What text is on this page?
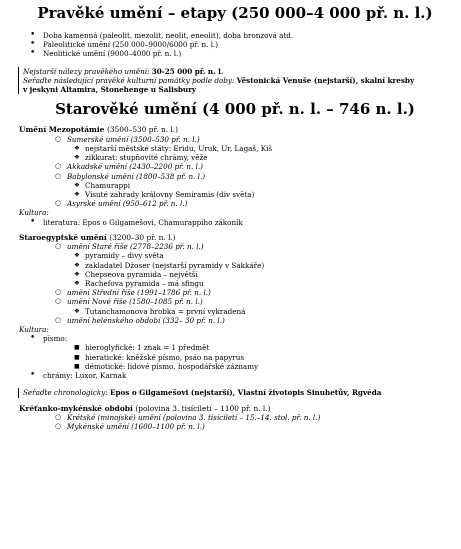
Pravěké umění – etapy (250 000–4 000 př. n. l.)
• Doba kamenná (paleolit, mezolit, neolit, eneolit), doba bronzová atd.
• Paleolitické umění (250 000–9000/6000 př. n. l.)
• Neolitické umění (9000–4000 př. n. l.)
Nejstarší nálezy pravěkého umění: 30-25 000 př. n. l.
Seřaďte následující pravěké kulturní památky podle doby: Věstonická Venuše (nejstarší), skalní kresby
v jeskyni Altamira, Stonehenge u Salisbury
Starověké umění (4 000 př. n. l. – 746 n. l.)
Umění Mezopotámie (3500–530 př. n. l.)
○ Sumerské umění (3500–530 př. n. l.)
❖ nejstarší městské státy: Eridu, Uruk, Ur, Lagaš, Kiš
❖ zikkurat: stupňovité chrámy, věže
○ Akkadské umění (2430–2200 př. n. l.)
○ Babylonské umění (1800–538 př. n. l.)
❖ Chamurappi
❖ Visuté zahrady královny Semiramis (div světa)
○ Asyrské umění (950–612 př. n. l.)
Kultura:
• literatura: Epos o Gilgamešovi, Chamurappiho zákoník
Staroegyptské umění (3200–30 př. n. l.)
○ umění Staré říše (2778–2236 př. n. l.)
❖ pyramidy – divy světa
❖ zakladatel Džoser (nejstarší pyramidy v Sakkáře)
❖ Chepseova pyramida – největší
❖ Rachefova pyramida – má sfingu
○ umění Střední říše (1991–1786 př. n. l.)
○ umění Nové říše (1580–1085 př. n. l.)
❖ Tutanchamonova hrobka = první vykradená
○ umění helénského období (332– 30 př. n. l.)
Kultura:
• písmo:
■ hieroglyfické: 1 znak = 1 předmět
■ hieratické: kněžské písmo, psáo na papyrus
■ démotické: lidové písmo, hospodářské záznamy
• chrámy: Luxor, Karnak
Seřaďte chronologicky: Epos o Gilgamešovi (nejstarší), Vlastní životopis Sinuhetův, Rgvéda
Kréťanko-mykénské období (polovina 3. tisíciletí – 1100 př. n. l.)
○ Krétské (minojské) umění (polovina 3. tisíciletí – 15.–14. stol. př. n. l.)
○ Mykénské umění (1600–1100 př. n. l.)
